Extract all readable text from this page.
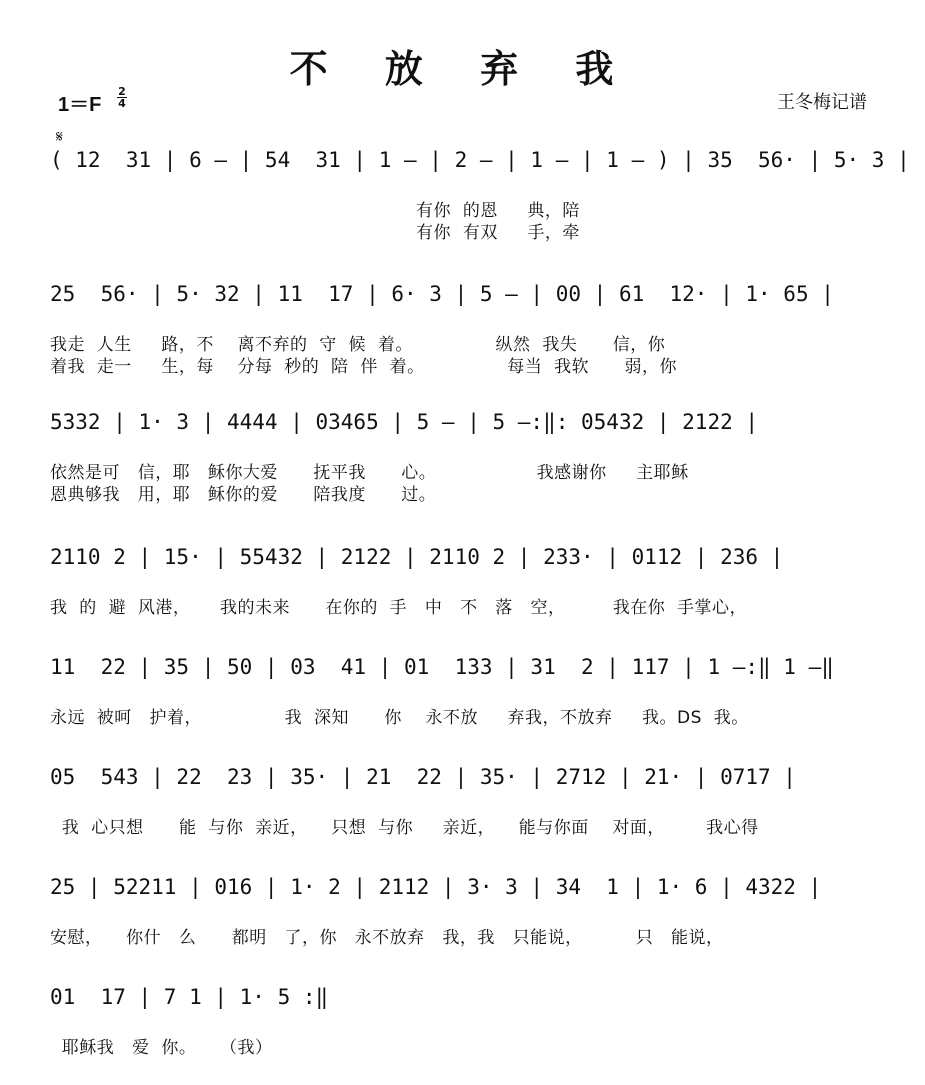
不 放 弃 我
1＝F
2
4	王冬梅记谱
𝄋
( 12  31 | 6 — | 54  31 | 1 — | 2 — | 1 — | 1 — ) | 35  56· | 5· 3 |
有你  的恩     典，陪
有你  有双     手，牵
25  56· | 5· 32 | 11  17 | 6· 3 | 5 — | 00 | 61  12· | 1· 65 |
我走  人生     路，不    离不弃的  守  候  着。              纵然  我失      信，你
着我  走一     生，每    分每  秒的  陪  伴  着。              每当  我软      弱，你
5332 | 1· 3 | 4444 | 03465 | 5 — | 5 —:‖: 05432 | 2122 |
依然是可   信，耶   稣你大爱      抚平我      心。                 我感谢你     主耶稣
恩典够我   用，耶   稣你的爱      陪我度      过。
2110 2 | 15· | 55432 | 2122 | 2110 2 | 233· | 0112 | 236 |
我  的  避  风港，     我的未来      在你的  手   中   不   落   空，        我在你  手掌心，
11  22 | 35 | 50 | 03  41 | 01  133 | 31  2 | 117 | 1 —:‖ 1 —‖
永远  被呵   护着，              我  深知      你    永不放     弃我，不放弃     我。DS  我。
05  543 | 22  23 | 35· | 21  22 | 35· | 2712 | 21· | 0717 |
我  心只想      能  与你  亲近，    只想  与你     亲近，    能与你面    对面，       我心得
25 | 52211 | 016 | 1· 2 | 2112 | 3· 3 | 34  1 | 1· 6 | 4322 |
安慰，    你什   么      都明   了，你   永不放弃   我，我   只能说，         只   能说，
01  17 | 7 1 | 1· 5 :‖
耶稣我   爱  你。    （我）
